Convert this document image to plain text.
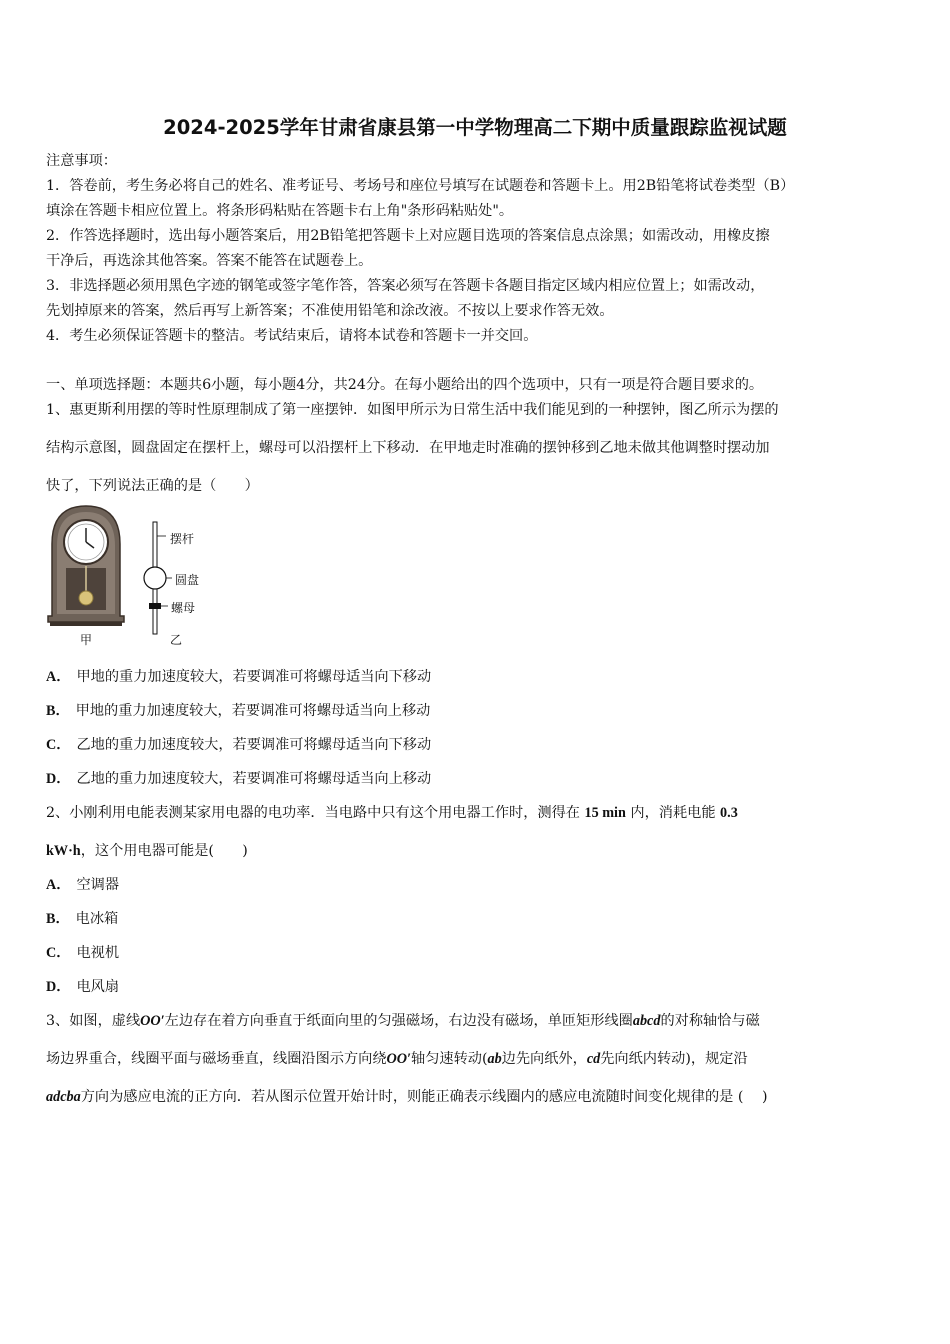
2024-2025学年甘肃省康县第一中学物理高二下期中质量跟踪监视试题
注意事项：
1．答卷前，考生务必将自己的姓名、准考证号、考场号和座位号填写在试题卷和答题卡上。用2B铅笔将试卷类型（B）
填涂在答题卡相应位置上。将条形码粘贴在答题卡右上角"条形码粘贴处"。
2．作答选择题时，选出每小题答案后，用2B铅笔把答题卡上对应题目选项的答案信息点涂黑；如需改动，用橡皮擦
干净后，再选涂其他答案。答案不能答在试题卷上。
3．非选择题必须用黑色字迹的钢笔或签字笔作答，答案必须写在答题卡各题目指定区域内相应位置上；如需改动，
先划掉原来的答案，然后再写上新答案；不准使用铅笔和涂改液。不按以上要求作答无效。
4．考生必须保证答题卡的整洁。考试结束后，请将本试卷和答题卡一并交回。
一、单项选择题：本题共6小题，每小题4分，共24分。在每小题给出的四个选项中，只有一项是符合题目要求的。
1、惠更斯利用摆的等时性原理制成了第一座摆钟．如图甲所示为日常生活中我们能见到的一种摆钟，图乙所示为摆的
结构示意图，圆盘固定在摆杆上，螺母可以沿摆杆上下移动．在甲地走时准确的摆钟移到乙地未做其他调整时摆动加
快了，下列说法正确的是（　　）
摆杆
圆盘
螺母
甲	乙
A． 甲地的重力加速度较大，若要调准可将螺母适当向下移动
B． 甲地的重力加速度较大，若要调准可将螺母适当向上移动
C． 乙地的重力加速度较大，若要调准可将螺母适当向下移动
D． 乙地的重力加速度较大，若要调准可将螺母适当向上移动
2、小刚利用电能表测某家用电器的电功率．当电路中只有这个用电器工作时，测得在 15 min 内，消耗电能 0.3
kW·h，这个用电器可能是(　　)
A． 空调器
B． 电冰箱
C． 电视机
D． 电风扇
3、如图，虚线OO′左边存在着方向垂直于纸面向里的匀强磁场，右边没有磁场，单匝矩形线圈abcd的对称轴恰与磁
场边界重合，线圈平面与磁场垂直，线圈沿图示方向绕OO′轴匀速转动(ab边先向纸外，cd先向纸内转动)，规定沿
adcba方向为感应电流的正方向．若从图示位置开始计时，则能正确表示线圈内的感应电流随时间变化规律的是 (　 )
